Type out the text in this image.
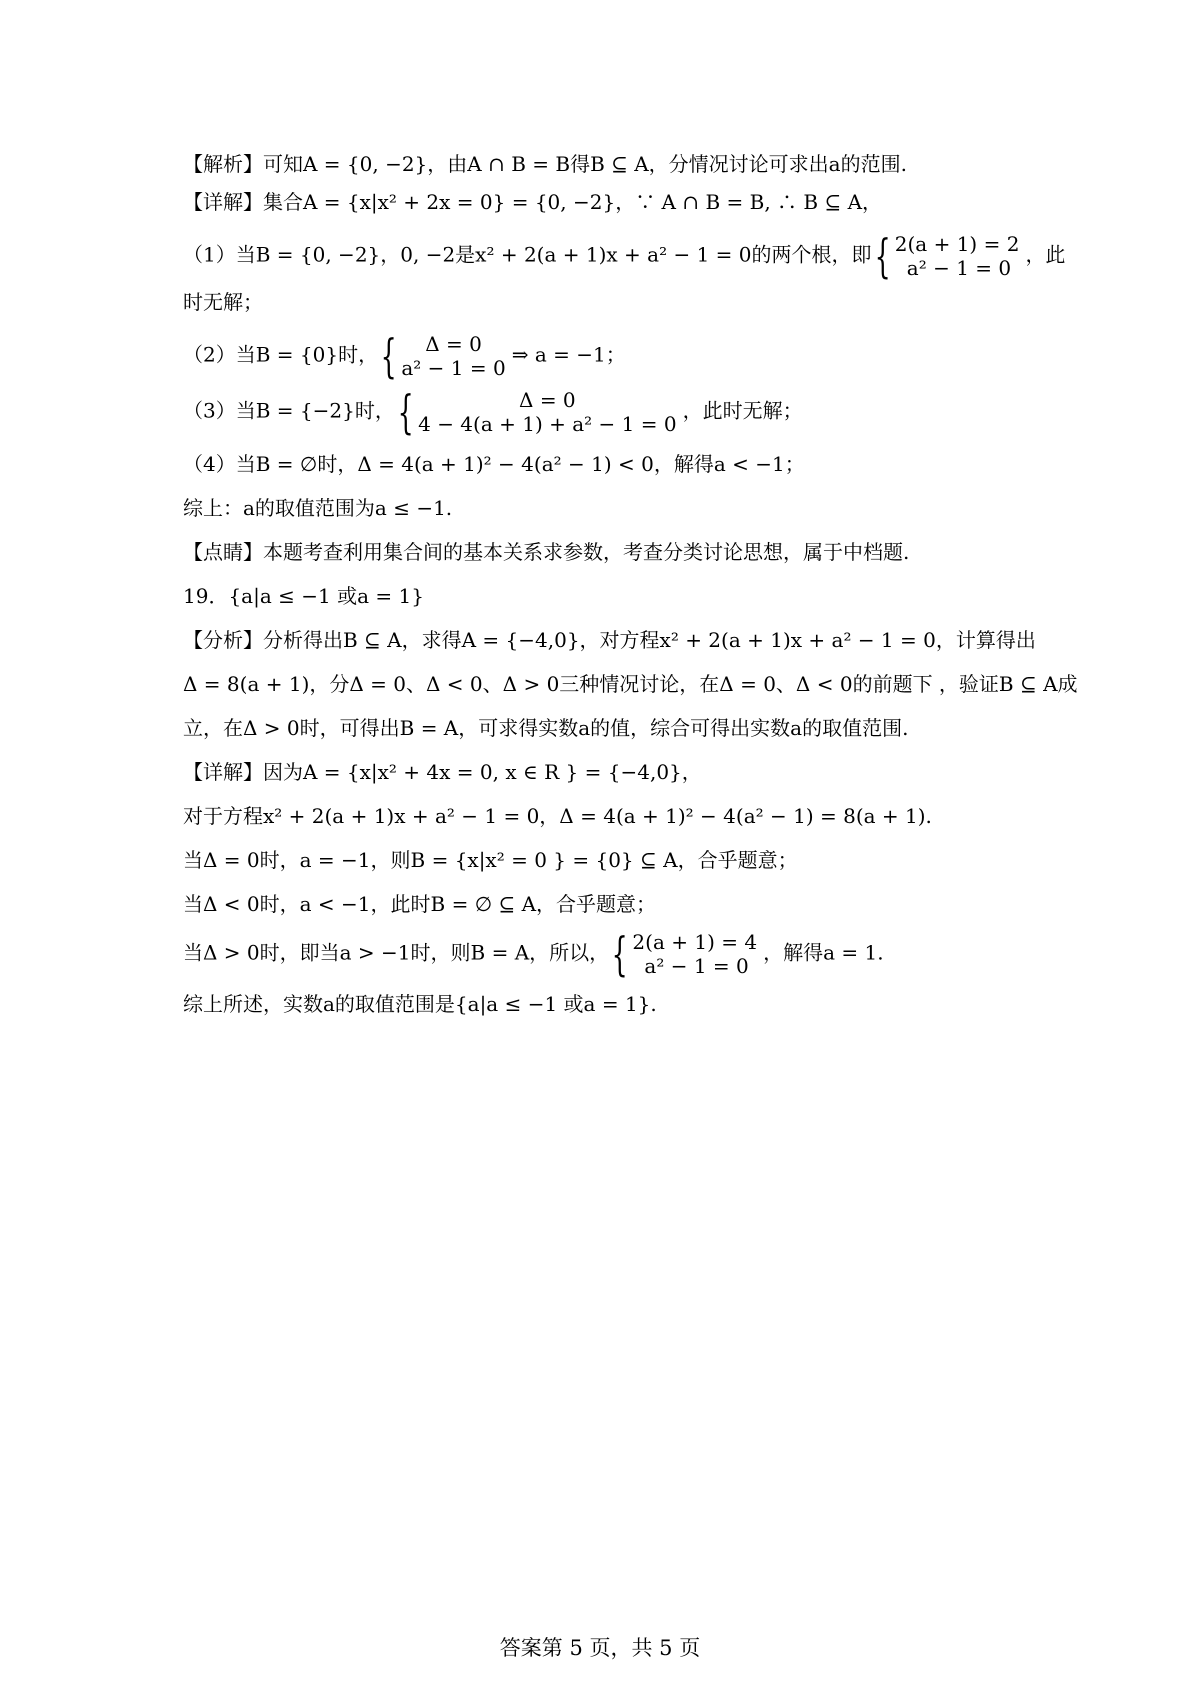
【解析】可知A = {0, −2}，由A ∩ B = B得B ⊆ A，分情况讨论可求出a的范围.
【详解】集合A = {x|x² + 2x = 0} = {0, −2}，∵ A ∩ B = B, ∴ B ⊆ A，
（1）当B = {0, −2}，0, −2是x² + 2(a + 1)x + a² − 1 = 0的两个根，即{ 2(a + 1) = 2
a² − 1 = 0
，此
时无解；
（2）当B = {0}时，{ Δ = 0
a² − 1 = 0
⇒ a = −1；
（3）当B = {−2}时，{	Δ = 0
4 − 4(a + 1) + a² − 1 = 0
，此时无解；
（4）当B = ∅时，Δ = 4(a + 1)² − 4(a² − 1) < 0，解得a < −1；
综上：a的取值范围为a ≤ −1.
【点睛】本题考查利用集合间的基本关系求参数，考查分类讨论思想，属于中档题.
19．{a|a ≤ −1 或a = 1}
【分析】分析得出B ⊆ A，求得A = {−4,0}，对方程x² + 2(a + 1)x + a² − 1 = 0，计算得出
Δ = 8(a + 1)，分Δ = 0、Δ < 0、Δ > 0三种情况讨论，在Δ = 0、Δ < 0的前题下 ，验证B ⊆ A成
立，在Δ > 0时，可得出B = A，可求得实数a的值，综合可得出实数a的取值范围.
【详解】因为A = {x|x² + 4x = 0, x ∈ R } = {−4,0}，
对于方程x² + 2(a + 1)x + a² − 1 = 0，Δ = 4(a + 1)² − 4(a² − 1) = 8(a + 1).
当Δ = 0时，a = −1，则B = {x|x² = 0 } = {0} ⊆ A，合乎题意；
当Δ < 0时，a < −1，此时B = ∅ ⊆ A，合乎题意；
当Δ > 0时，即当a > −1时，则B = A，所以，{ 2(a + 1) = 4
a² − 1 = 0
，解得a = 1.
综上所述，实数a的取值范围是{a|a ≤ −1 或a = 1}.
答案第 5 页，共 5 页
